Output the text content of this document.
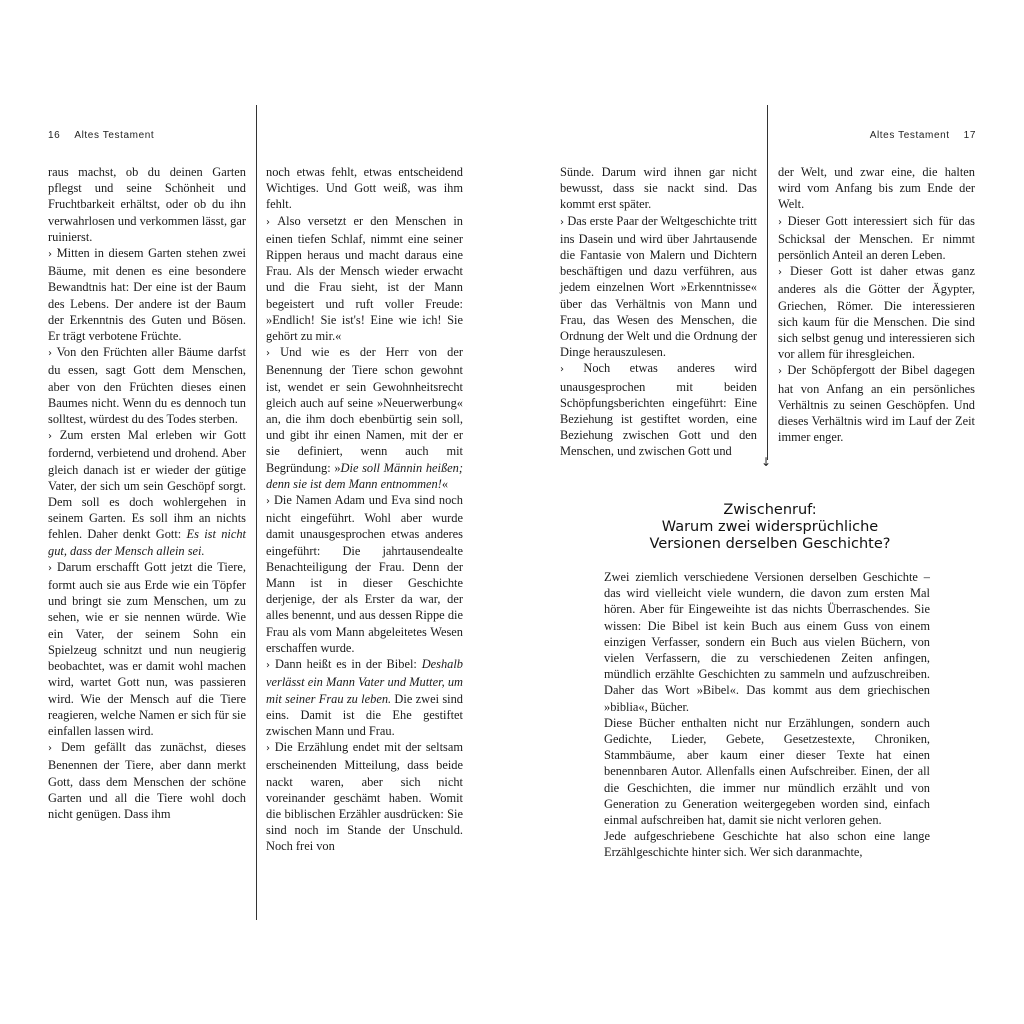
16 Altes Testament	Altes Testament 17
↓

raus machst, ob du deinen Garten pflegst und seine Schönheit und Fruchtbarkeit erhältst, oder ob du ihn verwahrlosen und verkommen lässt, gar ruinierst.

› Mitten in diesem Garten stehen zwei Bäume, mit denen es eine besondere Bewandtnis hat: Der eine ist der Baum des Lebens. Der andere ist der Baum der Erkenntnis des Guten und Bösen. Er trägt verbotene Früchte.

› Von den Früchten aller Bäume darfst du essen, sagt Gott dem Menschen, aber von den Früchten dieses einen Baumes nicht. Wenn du es dennoch tun solltest, würdest du des Todes sterben.

› Zum ersten Mal erleben wir Gott fordernd, verbietend und drohend. Aber gleich danach ist er wieder der gütige Vater, der sich um sein Geschöpf sorgt. Dem soll es doch wohlergehen in seinem Garten. Es soll ihm an nichts fehlen. Daher denkt Gott: Es ist nicht gut, dass der Mensch allein sei.

› Darum erschafft Gott jetzt die Tiere, formt auch sie aus Erde wie ein Töpfer und bringt sie zum Menschen, um zu sehen, wie er sie nennen würde. Wie ein Vater, der seinem Sohn ein Spielzeug schnitzt und nun neugierig beobachtet, was er damit wohl machen wird, wartet Gott nun, was passieren wird. Wie der Mensch auf die Tiere reagieren, welche Namen er sich für sie einfallen lassen wird.

› Dem gefällt das zunächst, dieses Benennen der Tiere, aber dann merkt Gott, dass dem Menschen der schöne Garten und all die Tiere wohl doch nicht genügen. Dass ihm

noch etwas fehlt, etwas entscheidend Wichtiges. Und Gott weiß, was ihm fehlt.

› Also versetzt er den Menschen in einen tiefen Schlaf, nimmt eine seiner Rippen heraus und macht daraus eine Frau. Als der Mensch wieder erwacht und die Frau sieht, ist der Mann begeistert und ruft voller Freude: »Endlich! Sie ist's! Eine wie ich! Sie gehört zu mir.«

› Und wie es der Herr von der Benennung der Tiere schon gewohnt ist, wendet er sein Gewohnheitsrecht gleich auch auf seine »Neuerwerbung« an, die ihm doch ebenbürtig sein soll, und gibt ihr einen Namen, mit der er sie definiert, wenn auch mit Begründung: »Die soll Männin heißen; denn sie ist dem Mann entnommen!«

› Die Namen Adam und Eva sind noch nicht eingeführt. Wohl aber wurde damit unausgesprochen etwas anderes eingeführt: Die jahrtausendealte Benachteiligung der Frau. Denn der Mann ist in dieser Geschichte derjenige, der als Erster da war, der alles benennt, und aus dessen Rippe die Frau als vom Mann abgeleitetes Wesen erschaffen wurde.

› Dann heißt es in der Bibel: Deshalb verlässt ein Mann Vater und Mutter, um mit seiner Frau zu leben. Die zwei sind eins. Damit ist die Ehe gestiftet zwischen Mann und Frau.

› Die Erzählung endet mit der seltsam erscheinenden Mitteilung, dass beide nackt waren, aber sich nicht voreinander geschämt haben. Womit die biblischen Erzähler ausdrücken: Sie sind noch im Stande der Unschuld. Noch frei von

Sünde. Darum wird ihnen gar nicht bewusst, dass sie nackt sind. Das kommt erst später.

› Das erste Paar der Weltgeschichte tritt ins Dasein und wird über Jahrtausende die Fantasie von Malern und Dichtern beschäftigen und dazu verführen, aus jedem einzelnen Wort »Erkenntnisse« über das Verhältnis von Mann und Frau, das Wesen des Menschen, die Ordnung der Welt und die Ordnung der Dinge herauszulesen.

› Noch etwas anderes wird unausgesprochen mit beiden Schöpfungsberichten eingeführt: Eine Beziehung ist gestiftet worden, eine Beziehung zwischen Gott und den Menschen, und zwischen Gott und

der Welt, und zwar eine, die halten wird vom Anfang bis zum Ende der Welt.

› Dieser Gott interessiert sich für das Schicksal der Menschen. Er nimmt persönlich Anteil an deren Leben.

› Dieser Gott ist daher etwas ganz anderes als die Götter der Ägypter, Griechen, Römer. Die interessieren sich kaum für die Menschen. Die sind sich selbst genug und interessieren sich vor allem für ihresgleichen.

› Der Schöpfergott der Bibel dagegen hat von Anfang an ein persönliches Verhältnis zu seinen Geschöpfen. Und dieses Verhältnis wird im Lauf der Zeit immer enger.

Zwischenruf:
Warum zwei widersprüchliche
Versionen derselben Geschichte?

Zwei ziemlich verschiedene Versionen derselben Geschichte – das wird vielleicht viele wundern, die davon zum ersten Mal hören. Aber für Eingeweihte ist das nichts Überraschendes. Sie wissen: Die Bibel ist kein Buch aus einem Guss von einem einzigen Verfasser, sondern ein Buch aus vielen Büchern, von vielen Verfassern, die zu verschiedenen Zeiten anfingen, mündlich erzählte Geschichten zu sammeln und aufzuschreiben. Daher das Wort »Bibel«. Das kommt aus dem griechischen »biblia«, Bücher.

Diese Bücher enthalten nicht nur Erzählungen, sondern auch Gedichte, Lieder, Gebete, Gesetzestexte, Chroniken, Stammbäume, aber kaum einer dieser Texte hat einen benennbaren Autor. Allenfalls einen Aufschreiber. Einen, der all die Geschichten, die immer nur mündlich erzählt und von Generation zu Generation weitergegeben worden sind, einfach einmal aufschreiben hat, damit sie nicht verloren gehen.

Jede aufgeschriebene Geschichte hat also schon eine lange Erzählgeschichte hinter sich. Wer sich daranmachte,
